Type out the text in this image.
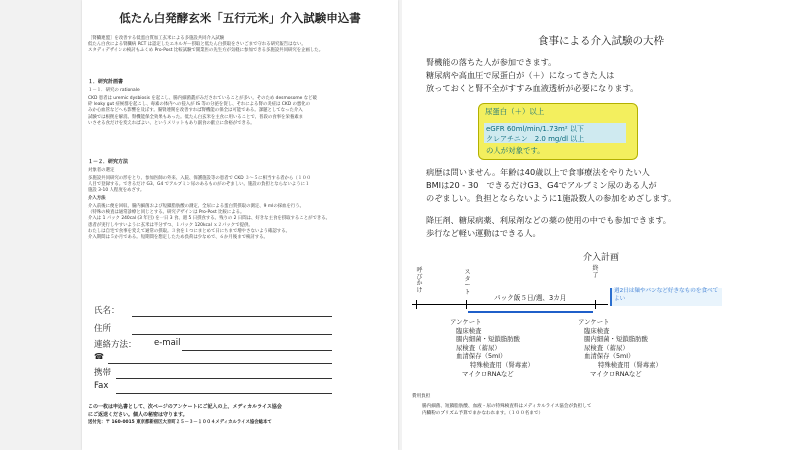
低たん白発酵玄米「五行元米」介入試験申込書
［腎臓連盟］を改善する低蛋白質加工玄米による多施設共同介入試験
低たん白食による腎臓病 RCT は認定したエネルギー摂取と低たん白摂取をさいごまで守れる研究報告はない。
スタディデザインの検討もふくめ Pro-Post 比較試験で開業医の先生方が気軽に参加できる多施設共同研究を企画した。
１．研究計画書
１－１．研究の rationale
CKD 患者は uremic dysbiosis を起こし、腸内細菌叢がみだされていることが多い。そのため desmosome など破
砕 leaky gut 症候群を起こし、毒素の体内への侵入が IS 等の分泌を促し、それによる腎の炎症は CKD の悪化の
みか心血管などへも影響を及ぼす。腸腎連関を改善すれば腎機能の保全は可能である。課題としてなった介入
試験では根拠を解消。腎機能保全効果もあった。低たん白玄米を主食に用いることで、普段の食事を栄養素ま
いさせる食だけを変えればよい、というメリットもあり副食の献立に余裕ができる。
１－２．研究方法
対象者の選定
多施設共同研究の形をとり、参加医師の外来、入院、保護施設等の患者で CKD ３～５に相当する者から（１００
人目で登録する。できるだけ G3、G4 でアルブミン尿のあるものがのぞましい。施設の負担とならないように１
施設 3-10 人程度をめざす。
介入方法
介入前後に便を回収、腸内細菌および短鎖脂肪酸の測定、全尿による蛋白質摂取の測定、9 mlの採血を行う。
（特殊の検査は通常診療と同じとする。研究デザインは Pro-Post 比較による。
介入は 1 パック 240cal (3 年目) を一日 3 食、週 5 日摂食する。残りの 2 日間は、好きな主食を摂取することができる。
患者が実行しやすいように玄米は半分ずつ、１パック 120kcal ｘ２パックで提供。
わたしは自宅で食事を変えて通常の摂取。３食を１つにまとめて日にちまで増やさないよう確認する。
介入期間は５か月である。短期間を想定したため負荷は少なめで、６か月後まで検討する。
氏名：
住所
連絡方法： e-mail
☎
携帯
Fax
この一枚は申込書として、次ページのアンケートにご記入の上、メディカルライス協会
にご返送ください。個人の秘密は守ります。
送付先：〒 160-0015 東京都新宿区大京町２５－３－１００４メディカルライス協会総本て
食事による介入試験の大枠
腎機能の落ちた人が参加できます。
糖尿病や高血圧で尿蛋白が（＋）になってきた人は
放っておくと腎不全がすすみ血液透析が必要になります。
尿蛋白（＋）以上
eGFR 60ml/min/1.73m² 以下
クレアチニン　2.0 mg/dl 以上
の人が対象です。
病歴は問いません。年齢は40歳以上で食事療法をやりたい人
BMIは20 ‐ 30　できるだけG3、G4でアルブミン尿のある人が
のぞましい。負担とならないように1施設数人の参加をめざします。
降圧剤、糖尿病薬、利尿剤などの薬の使用の中でも参加できます。
歩行など軽い運動はできる人。
介入計画
呼びかけ
スタート
終了
パック飯５日/週、3カ月
週2日は麺やパンなど好きなものを食べてよい
アンケート
臨床検査
腸内細菌・短鎖脂肪酸
尿検査（蓄尿）
血清保存（5ml）
特殊検査用（腎毒素）
マイクロRNAなど
アンケート
臨床検査
腸内細菌・短鎖脂肪酸
尿検査（蓄尿）
血清保存（5ml）
特殊検査用（腎毒素）
マイクロRNAなど
費用負担
腸内細菌、短鎖脂肪酸、血液・尿の特殊検査料はメディカルライス協会が負担して
内臓粉のプリズム予算でまかなわれます。（１００名まで）
